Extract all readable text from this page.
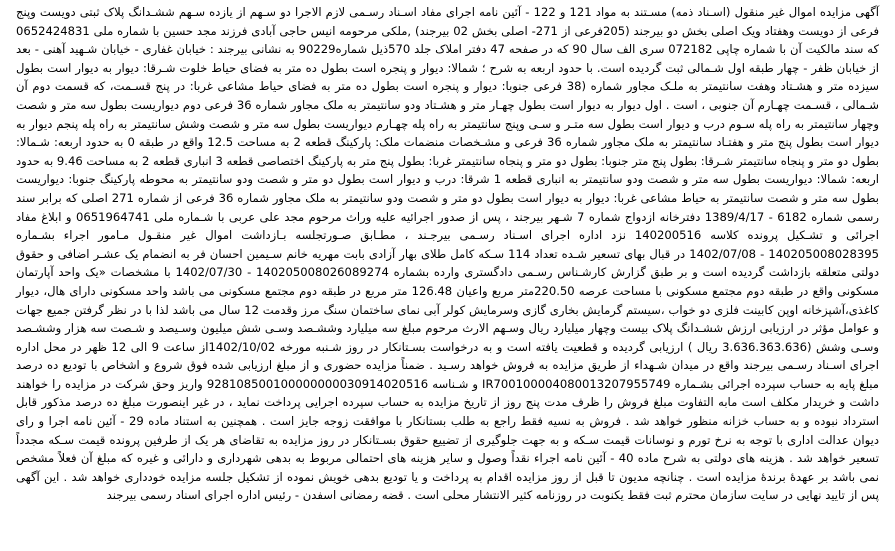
آگهی مزایده اموال غیر منقول (اسـناد ذمه) مسـتند به مواد 121 و 122 - آئین نامه اجرای مفاد اسـناد رسـمی لازم الاجرا دو سـهم از یازده سـهم ششـدانگ پلاک ثبتی دویست وپنج فرعی از دویست وهفتاد ویک اصلی بخش دو بیرجند (205فرعی از 271- اصلی بخش 02 بیرجند) ,ملکی مرحومه انیس حاجی آبادی فرزند مجد حسین با شماره ملی 0652424831 که سند مالکیت آن با شماره چاپی 072182 سری الف سال 90 که در صفحه 47 دفتر املاک جلد 570ذیل شماره90229 به نشانی بیرجند : خیابان غفاری - خیابان شـهید آهنی - بعد از خیابان ظفر - چهار طبقه اول شـمالی ثبت گردیده است. با حدود اربعه به شرح ؛ شمالا: دیوار و پنجره است بطول ده متر به فضای حیاط خلوت شـرقا: دیوار به دیوار است بطول سیزده متر و هشـتاد وهفت سانتیمتر به ملـک مجاور شماره (38 فرعی جنوبا: دیوار و پنجره است بطول ده متر به فضای حیاط مشاعی غربا: در پنج قسـمت، که قسمت دوم آن شـمالی ، قسـمت چهـارم آن جنوبی ، است . اول دیوار به دیوار است بطول چهـار متر و هشـتاد ودو سانتیمتر به ملک مجاور شماره 36 فرعی دوم دیواریست بطول سه متر و شصت وچهار سانتیمتر به راه پله سـوم درب و دیوار است بطول سه متـر و سـی وپنج سانتیمتر به راه پله چهـارم دیواریست بطول سه متر و شصت وشش سانتیمتر به راه پله پنجم دیوار به دیوار است بطول پنج متر و هفتـاد سانتیمتر به ملک مجاور شماره 36 فرعی و مشـخصات منضمات ملک: پارکینگ قطعه 2 به مساحت 12.5 واقع در طبقه 0 به حدود اربعه: شـمالا: بطول دو متر و پنجاه سانتیمتر شـرقا: بطول پنج متر جنوبا: بطول دو متر و پنجاه سانتیمتر غربا: بطول پنج متر به پارکینگ اختصاصی قطعه 3 انباری قطعه 2 به مساحت 9.46 به حدود اربعه: شمالا: دیواریست بطول سه متر و شصت ودو سانتیمتر به انباری قطعه 1 شرقا: درب و دیوار است بطول دو متر و شصت ودو سانتیمتر به محوطه پارکینگ جنوبا: دیواریست بطول سه متر و شصت سانتیمتر به حیاط مشاعی غربا: دیوار به دیوار است بطول دو متر و شصت ودو سانتیمتر به ملک مجاور شماره 36 فرعی از شماره 271 اصلی که برابر سند رسمی شماره 6182 - 1389/4/17 دفترخانه ازدواج شماره 7 شـهر بیرجند ، پس از صدور اجرائیه علیه وراث مرحوم مجد علی عربی با شـماره ملی 0651964741 و ابلاغ مفاد اجرائی و تشـکیل پرونده کلاسه 140200516 نزد اداره اجرای اسـناد رسـمی بیرجـند ، مطـابق صـورتجلسه بـازداشت اموال غیر منقـول مـامور اجراء بشـماره 140205008028395 - 1402/07/08 در قبال بهای تسعیر شـده تعداد 114 سـکه کامل طلای بهار آزادی بابت مهریه خانم سـیمین احسان فر به انضمام یک عشـر اضافی و حقوق دولتی متعلقه بازداشت گردیده است و بر طبق گزارش کارشـناس رسـمی دادگستری وارده بشماره 140205008026089274 - 1402/07/30 با مشخصات «یک واحد آپارتمان مسکونی واقع در طبقه دوم مجتمع مسکونی با مساحت عرصه 220.50متر مربع واعیان 126.48 متر مربع در طبقه دوم مجتمع مسکونی می باشد واحد مسکونی دارای هال، دیوار کاغذی،آشپزخانه اوپن کابینت فلزی دو خواب ،سیستم گرمایش بخاری گازی وسرمایش کولر آبی نمای ساختمان سنگ مرز وقدمت 12 سال می باشد لذا با در نظر گرفتن جمیع جهات و عوامل مؤثر در ارزیابی ارزش ششـدانگ پلاک بیست وچهار میلیارد ریال وسـهم الارث مرحوم مبلغ سه میلیارد وششـصد وسـی شش میلیون وسـیصد و شـصت سه هزار وششـصد وسـی وشش (3.636.363.636 ریال ) ارزیابی گردیده و قطعیت یافته است و به درخواست بسـتانکار در روز شـنبه مورخه 1402/10/02از ساعت 9 الی 12 ظهر در محل اداره اجرای اسـناد رسـمی بیرجند واقع در میدان شـهداء از طریق مزایده به فروش خواهد رسـید . ضمناً مزایده حضوری و از مبلغ ارزیابی شده فوق شروع و اشخاص با تودیع ده درصد مبلغ پایه به حساب سپرده اجرائی بشـماره IR700100004080013207955749 و شـناسه 928108500100000000030914020516 واریز وحق شرکت در مزایده را خواهند داشت و خریدار مکلف است مابه التفاوت مبلغ فروش را ظرف مدت پنج روز از تاریخ مزایده به حساب سپرده اجرایی پرداخت نماید ، در غیر اینصورت مبلغ ده درصد مذکور قابل استرداد نبوده و به حساب خزانه منظور خواهد شد . فروش به نسیه فقط راجع به طلب بستانکار با موافقت زوجه جایز است . همچنین به استناد ماده 29 - آئین نامه اجرا و رای دیوان عدالت اداری با توجه به نرخ تورم و نوسانات قیمت سـکه و به جهت جلوگیری از تضییع حقوق بسـتانکار در روز مزایده به تقاضای هر یک از طرفین پرونده قیمت سـکه مجدداً تسعیر خواهد شد . هزینه های دولتی به شرح ماده 40 - آئین نامه اجراء نقداً وصول و سایر هزینه های احتمالی مربوط به بدهی شهرداری و دارائی و غیره که مبلغ آن فعلاً مشخص نمی باشد بر عهدۀ برندۀ مزایده است . چنانچه مدیون تا قبل از روز مزایده اقدام به پرداخت و یا تودیع بدهی خویش نموده از تشکیل جلسه مزایده خودداری خواهد شد . این آگهی پس از تایید نهایی در سایت سازمان محترم ثبت فقط یکنوبت در روزنامه کثیر الانتشار محلی است . قضه رمضانی اسفدن - رئیس اداره اجرای اسناد رسمی بیرجند
